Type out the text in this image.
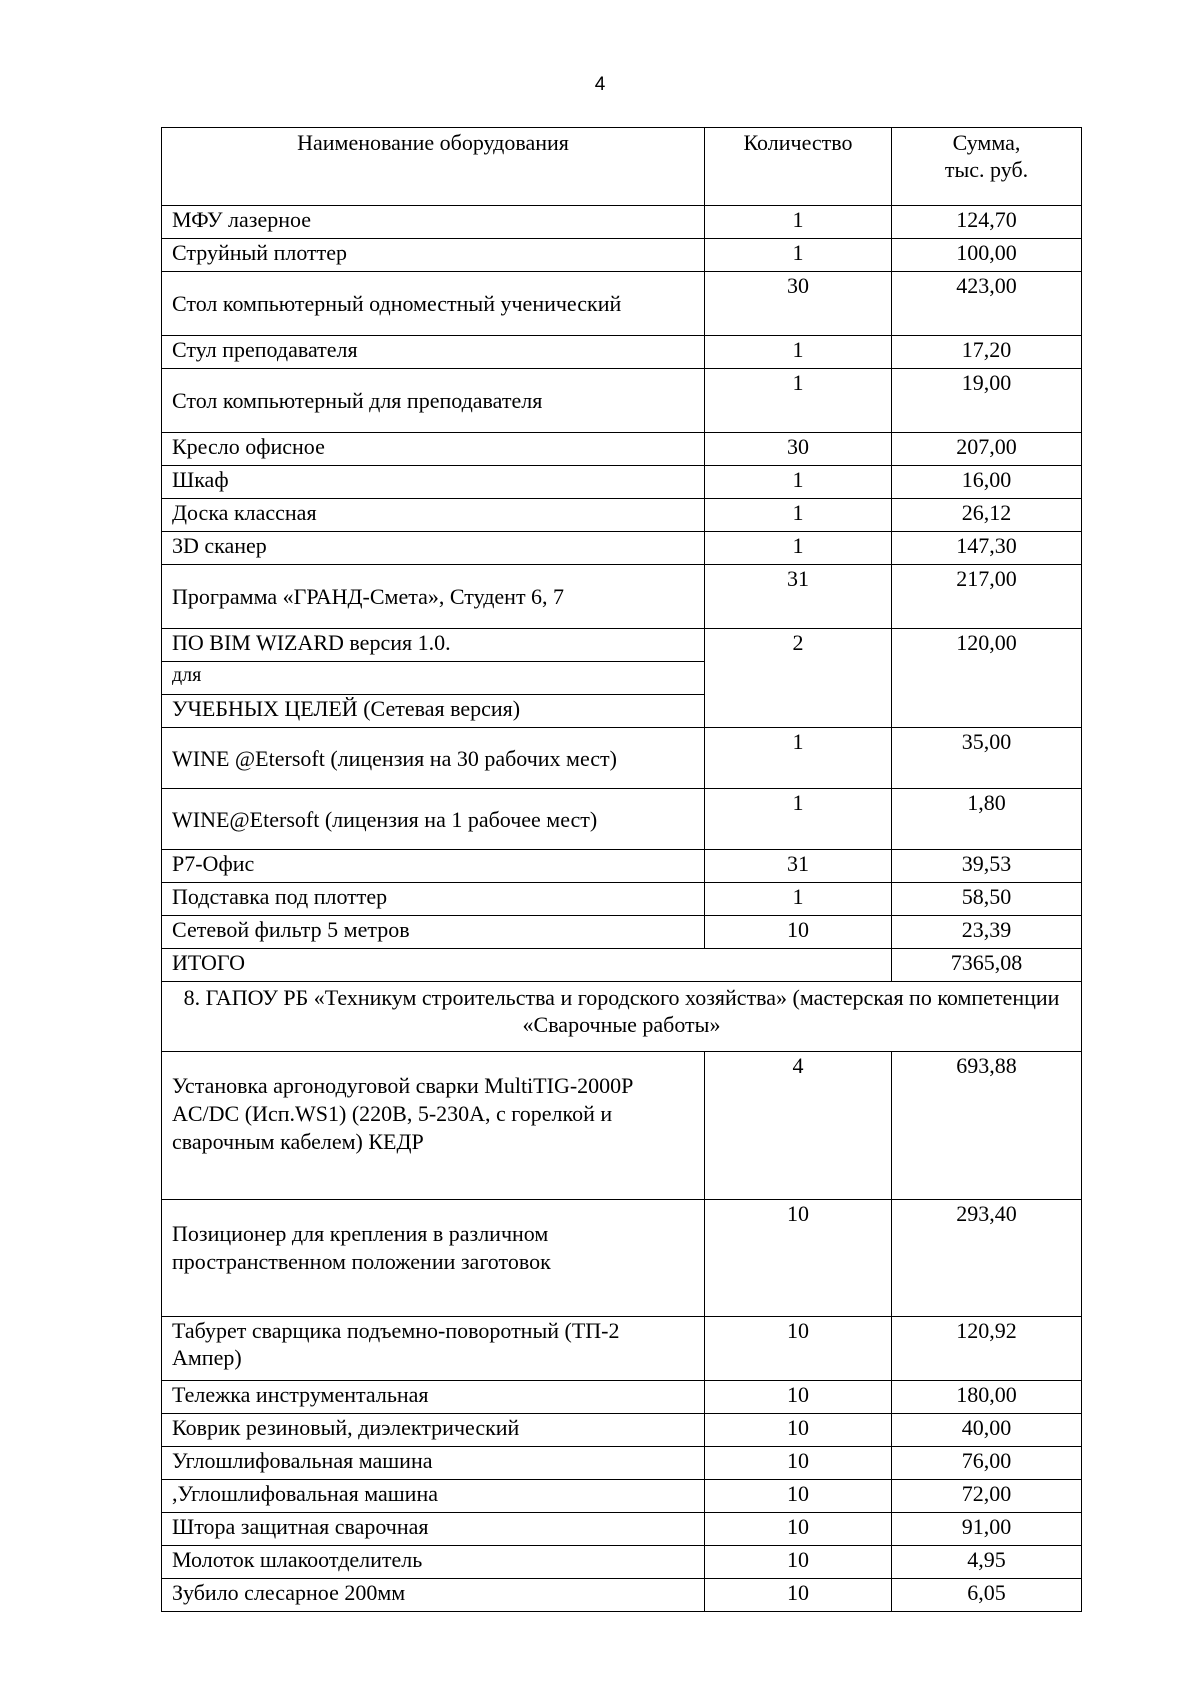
4
Наименование оборудования	Количество	Сумма,
тыс. руб.
МФУ лазерное	1	124,70
Струйный плоттер	1	100,00
Стол компьютерный одноместный ученический	30	423,00
Стул преподавателя	1	17,20
Стол компьютерный для преподавателя	1	19,00
Кресло офисное	30	207,00
Шкаф	1	16,00
Доска классная	1	26,12
3D сканер	1	147,30
Программа «ГРАНД-Смета», Студент 6, 7	31	217,00
ПО BIM WIZARD версия 1.0.	2	120,00
для		
УЧЕБНЫХ ЦЕЛЕЙ (Сетевая версия)		
WINE @Etersoft (лицензия на 30 рабочих мест)	1	35,00
WINE@Etersoft (лицензия на 1 рабочее мест)	1	1,80
Р7-Офис	31	39,53
Подставка под плоттер	1	58,50
Сетевой фильтр 5 метров	10	23,39
ИТОГО		7365,08
8. ГАПОУ РБ «Техникум строительства и городского хозяйства» (мастерская по компетенции «Сварочные работы»		
Установка аргонодуговой сварки MultiTIG-2000P AC/DC (Исп.WS1) (220В, 5-230А, с горелкой и сварочным кабелем) КЕДР	4	693,88
Позиционер для крепления в различном пространственном положении заготовок	10	293,40
Табурет сварщика подъемно-поворотный (ТП-2 Ампер)	10	120,92
Тележка инструментальная	10	180,00
Коврик резиновый, диэлектрический	10	40,00
Углошлифовальная машина	10	76,00
,Углошлифовальная машина	10	72,00
Штора защитная сварочная	10	91,00
Молоток шлакоотделитель	10	4,95
Зубило слесарное 200мм	10	6,05
